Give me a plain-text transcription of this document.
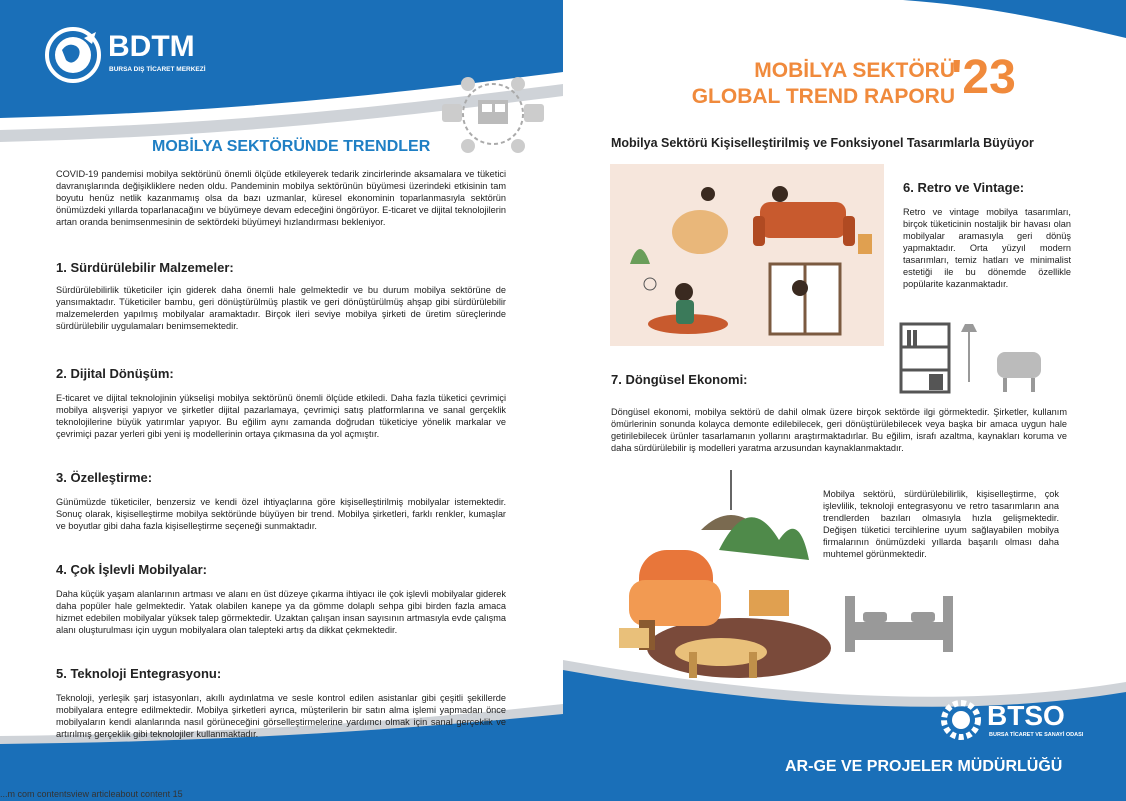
BDTM
BURSA DIŞ TİCARET MERKEZİ
MOBİLYA SEKTÖRÜNDE TRENDLER
COVID-19 pandemisi mobilya sektörünü önemli ölçüde etkileyerek tedarik zincirlerinde aksamalara ve tüketici davranışlarında değişikliklere neden oldu. Pandeminin mobilya sektörünün büyümesi üzerindeki etkisinin tam boyutu henüz netlik kazanmamış olsa da bazı uzmanlar, küresel ekonominin toparlanmasıyla sektörün önümüzdeki yıllarda toparlanacağını ve büyümeye devam edeceğini öngörüyor. E-ticaret ve dijital teknolojilerin artan oranda benimsenmesinin de sektördeki büyümeyi hızlandırması bekleniyor.
1. Sürdürülebilir Malzemeler:
Sürdürülebilirlik tüketiciler için giderek daha önemli hale gelmektedir ve bu durum mobilya sektörüne de yansımaktadır. Tüketiciler bambu, geri dönüştürülmüş plastik ve geri dönüştürülmüş ahşap gibi sürdürülebilir malzemelerden yapılmış mobilyalar aramaktadır. Birçok ileri seviye mobilya şirketi de üretim süreçlerinde sürdürülebilir uygulamaları benimsemektedir.
2. Dijital Dönüşüm:
E-ticaret ve dijital teknolojinin yükselişi mobilya sektörünü önemli ölçüde etkiledi. Daha fazla tüketici çevrimiçi mobilya alışverişi yapıyor ve şirketler dijital pazarlamaya, çevrimiçi satış platformlarına ve sanal gerçeklik teknolojilerine büyük yatırımlar yapıyor. Bu eğilim aynı zamanda doğrudan tüketiciye yönelik markalar ve çevrimiçi pazar yerleri gibi yeni iş modellerinin ortaya çıkmasına da yol açmıştır.
3. Özelleştirme:
Günümüzde tüketiciler, benzersiz ve kendi özel ihtiyaçlarına göre kişiselleştirilmiş mobilyalar istemektedir. Sonuç olarak, kişiselleştirme mobilya sektöründe büyüyen bir trend. Mobilya şirketleri, farklı renkler, kumaşlar ve boyutlar gibi daha fazla kişiselleştirme seçeneği sunmaktadır.
4. Çok İşlevli Mobilyalar:
Daha küçük yaşam alanlarının artması ve alanı en üst düzeye çıkarma ihtiyacı ile çok işlevli mobilyalar giderek daha popüler hale gelmektedir. Yatak olabilen kanepe ya da gömme dolaplı sehpa gibi birden fazla amaca hizmet edebilen mobilyalar yüksek talep görmektedir. Uzaktan çalışan insan sayısının artmasıyla evde çalışma alanı oluşturulması için uygun mobilyalara olan talepteki artış da dikkat çekmektedir.
5. Teknoloji Entegrasyonu:
Teknoloji, yerleşik şarj istasyonları, akıllı aydınlatma ve sesle kontrol edilen asistanlar gibi çeşitli şekillerde mobilyalara entegre edilmektedir. Mobilya şirketleri ayrıca, müşterilerin bir satın alma işlemi yapmadan önce mobilyaların kendi alanlarında nasıl görüneceğini görselleştirmelerine yardımcı olmak için sanal gerçeklik ve artırılmış gerçeklik gibi teknolojiler kullanmaktadır.
MOBİLYA SEKTÖRÜ
GLOBAL TREND RAPORU
'23
Mobilya Sektörü Kişiselleştirilmiş ve Fonksiyonel Tasarımlarla Büyüyor
6. Retro ve Vintage:
Retro ve vintage mobilya tasarımları, birçok tüketicinin nostaljik bir havası olan mobilyalar aramasıyla geri dönüş yapmaktadır. Orta yüzyıl modern tasarımları, temiz hatları ve minimalist estetiği ile bu dönemde özellikle popülarite kazanmaktadır.
7. Döngüsel Ekonomi:
Döngüsel ekonomi, mobilya sektörü de dahil olmak üzere birçok sektörde ilgi görmektedir. Şirketler, kullanım ömürlerinin sonunda kolayca demonte edilebilecek, geri dönüştürülebilecek veya başka bir amaca uygun hale getirilebilecek ürünler tasarlamanın yollarını araştırmaktadırlar. Bu eğilim, israfı azaltma, kaynakları koruma ve daha sürdürülebilir iş modelleri yaratma arzusundan kaynaklanmaktadır.
Mobilya sektörü, sürdürülebilirlik, kişiselleştirme, çok işlevlilik, teknoloji entegrasyonu ve retro tasarımların ana trendlerden bazıları olmasıyla hızla gelişmektedir. Değişen tüketici tercihlerine uyum sağlayabilen mobilya firmalarının önümüzdeki yıllarda başarılı olması daha muhtemel görünmektedir.
BTSO
BURSA TİCARET VE SANAYİ ODASI
AR-GE VE PROJELER MÜDÜRLÜĞÜ
...m com contentsview articleabout content 15
